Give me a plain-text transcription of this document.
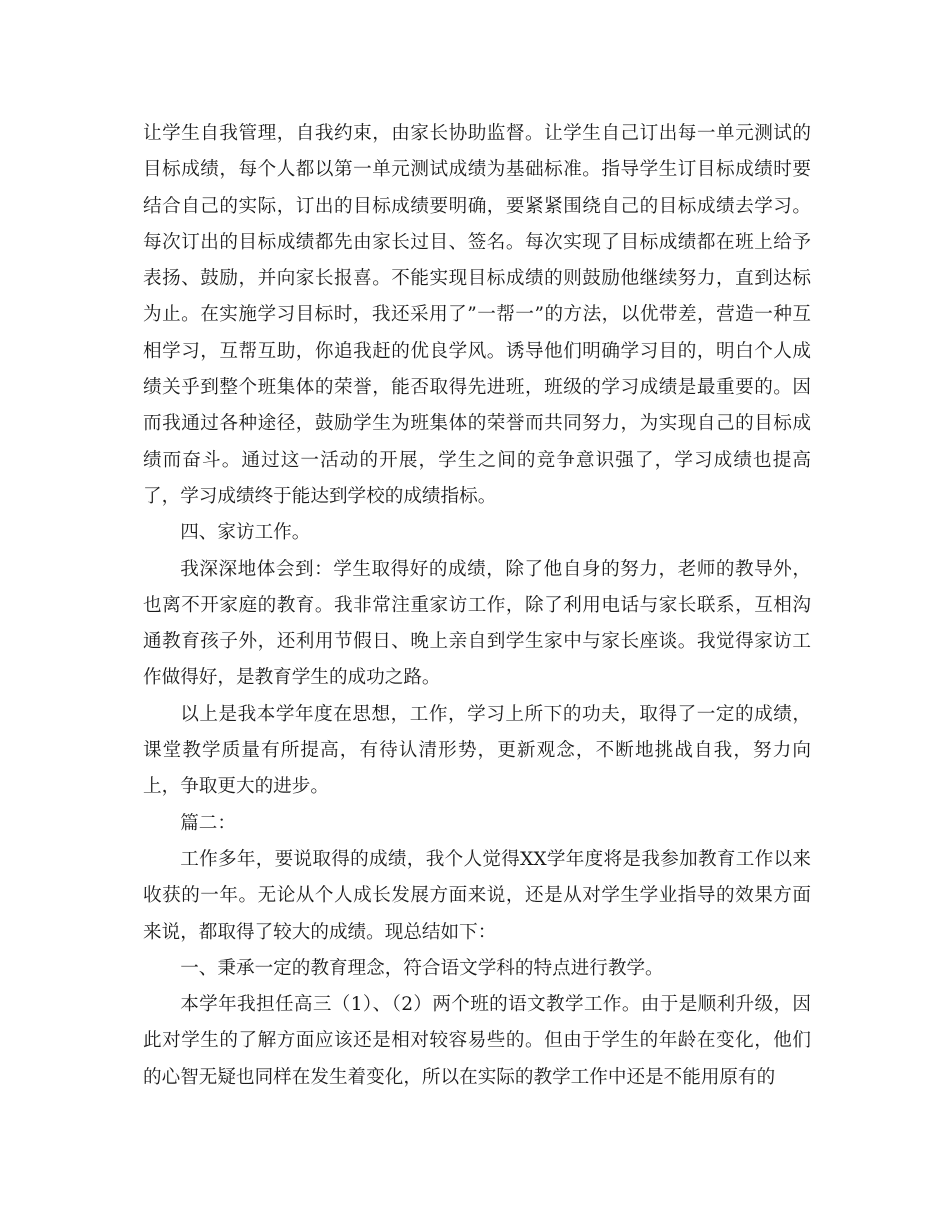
让学生自我管理，自我约束，由家长协助监督。让学生自己订出每一单元测试的目标成绩，每个人都以第一单元测试成绩为基础标准。指导学生订目标成绩时要结合自己的实际，订出的目标成绩要明确，要紧紧围绕自己的目标成绩去学习。每次订出的目标成绩都先由家长过目、签名。每次实现了目标成绩都在班上给予表扬、鼓励，并向家长报喜。不能实现目标成绩的则鼓励他继续努力，直到达标为止。在实施学习目标时，我还采用了”一帮一”的方法，以优带差，营造一种互相学习，互帮互助，你追我赶的优良学风。诱导他们明确学习目的，明白个人成绩关乎到整个班集体的荣誉，能否取得先进班，班级的学习成绩是最重要的。因而我通过各种途径，鼓励学生为班集体的荣誉而共同努力，为实现自己的目标成绩而奋斗。通过这一活动的开展，学生之间的竞争意识强了，学习成绩也提高了，学习成绩终于能达到学校的成绩指标。

四、家访工作。

我深深地体会到：学生取得好的成绩，除了他自身的努力，老师的教导外，也离不开家庭的教育。我非常注重家访工作，除了利用电话与家长联系，互相沟通教育孩子外，还利用节假日、晚上亲自到学生家中与家长座谈。我觉得家访工作做得好，是教育学生的成功之路。

以上是我本学年度在思想，工作，学习上所下的功夫，取得了一定的成绩，课堂教学质量有所提高，有待认清形势，更新观念，不断地挑战自我，努力向上，争取更大的进步。

篇二：

工作多年，要说取得的成绩，我个人觉得XX学年度将是我参加教育工作以来收获的一年。无论从个人成长发展方面来说，还是从对学生学业指导的效果方面来说，都取得了较大的成绩。现总结如下：

一、秉承一定的教育理念，符合语文学科的特点进行教学。

本学年我担任高三（1）、（2）两个班的语文教学工作。由于是顺利升级，因此对学生的了解方面应该还是相对较容易些的。但由于学生的年龄在变化，他们的心智无疑也同样在发生着变化，所以在实际的教学工作中还是不能用原有的
